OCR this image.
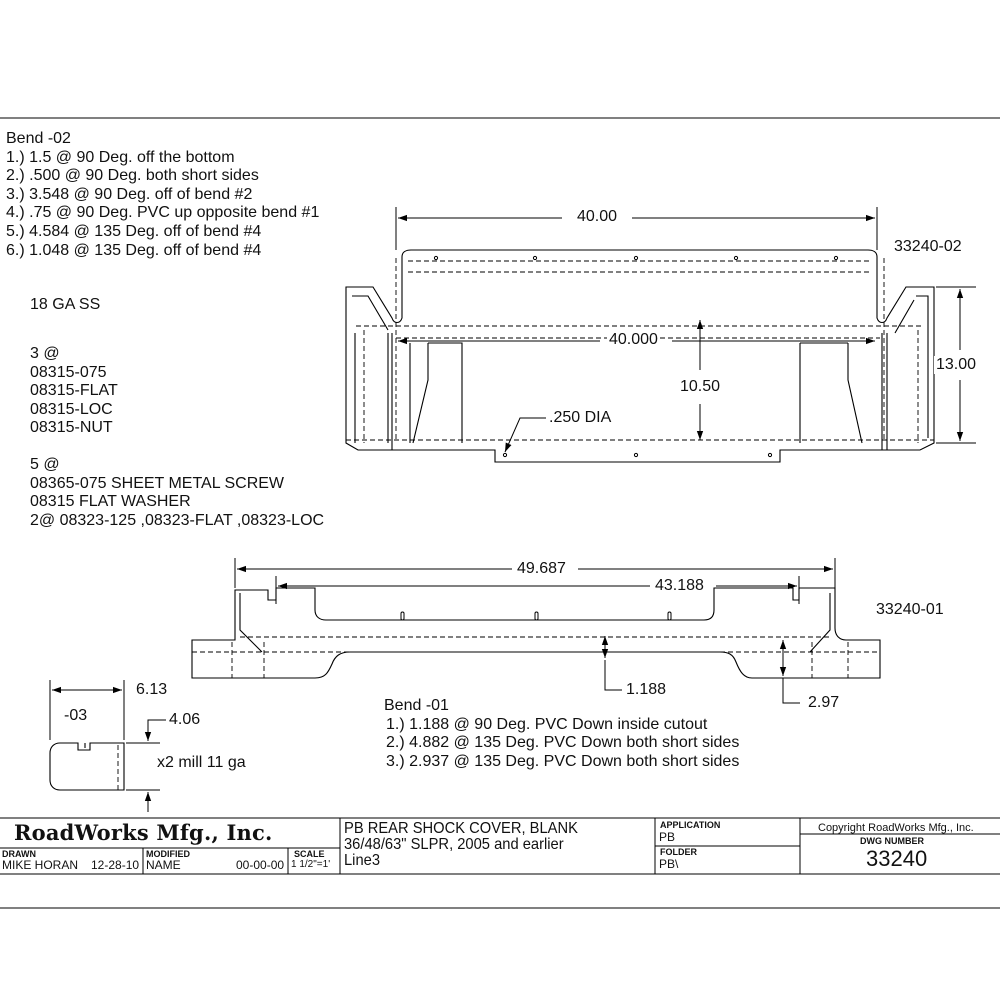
Bend -02
1.) 1.5 @ 90 Deg. off the bottom
2.) .500 @ 90 Deg. both short sides
3.) 3.548 @ 90 Deg. off of bend #2
4.) .75 @ 90 Deg. PVC up opposite bend #1
5.) 4.584 @ 135 Deg. off of bend #4
6.) 1.048 @ 135 Deg. off of bend #4
18 GA SS
3 @
08315-075
08315-FLAT
08315-LOC
08315-NUT
5 @
08365-075 SHEET METAL SCREW
08315 FLAT WASHER
2@ 08323-125 ,08323-FLAT ,08323-LOC
40.00
33240-02
40.000
10.50
13.00
.250 DIA
49.687
43.188
33240-01
1.188
2.97
6.13
-03	4.06
x2 mill 11 ga
Bend -01
1.) 1.188 @ 90 Deg. PVC Down inside cutout
2.) 4.882 @ 135 Deg. PVC Down both short sides
3.) 2.937 @ 135 Deg. PVC Down both short sides
RoadWorks Mfg., Inc.
DRAWN
MIKE HORAN 12-28-10
MODIFIED
NAME	00-00-00
SCALE
1 1/2"=1'
PB REAR SHOCK COVER, BLANK
36/48/63" SLPR, 2005 and earlier
Line3
APPLICATION
PB
FOLDER
PB\
Copyright RoadWorks Mfg., Inc.
DWG NUMBER
33240
